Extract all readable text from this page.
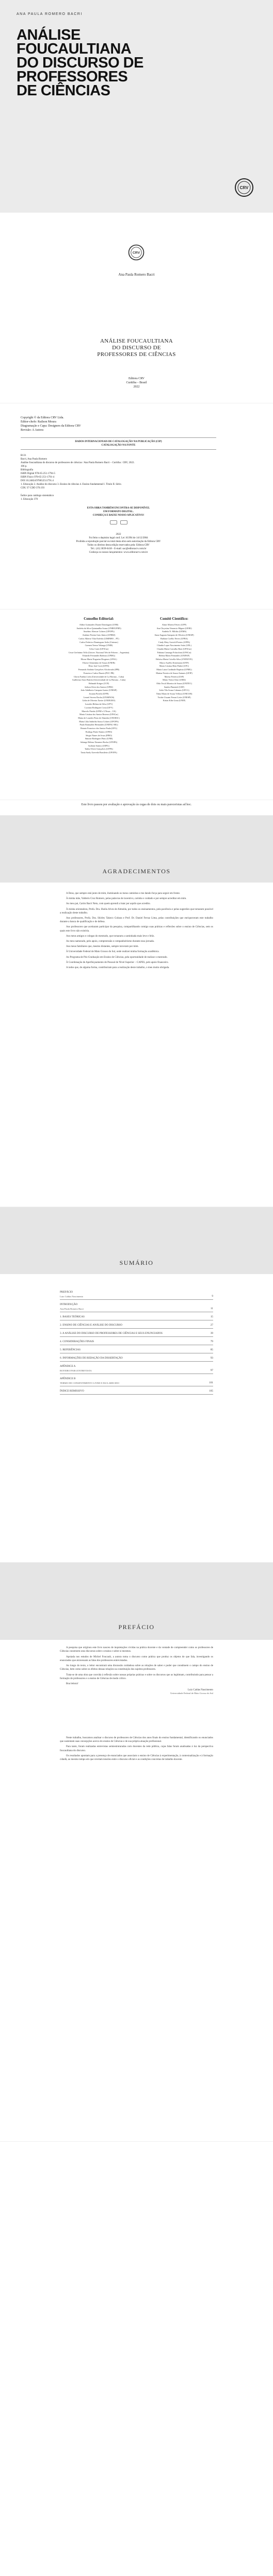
ANA PAULA ROMERO BACRI
ANÁLISE
FOUCAULTIANA
DO DISCURSO DE
PROFESSORES
DE CIÊNCIAS
CRV
CRV
Ana Paula Romero Bacri
ANÁLISE FOUCAULTIANA
DO DISCURSO DE
PROFESSORES DE CIÊNCIAS
Editora CRV
Curitiba – Brasil
2022
Copyright © da Editora CRV Ltda.
Editor-chefe: Railson Moura
Diagramação e Capa: Designers da Editora CRV
Revisão: A Autora
DADOS INTERNACIONAIS DE CATALOGAÇÃO NA PUBLICAÇÃO (CIP)
CATALOGAÇÃO NA FONTE
B131
Bacri, Ana Paula Romero
Análise foucaultiana do discurso de professores de ciências / Ana Paula Romero Bacri – Curitiba : CRV, 2022.
106 p.
Bibliografia
ISBN Digital 978-65-251-1794-5
ISBN Físico 978-65-251-1791-4
DOI 10.24824/978652511791.4
1. Educação 2. Análise do discurso 3. Ensino de ciências 4. Ensino fundamental I. Título II. Série.
CDU 37 CDD 370.193
Índice para catálogo sistemático
1. Educação 370
ESTA OBRA TAMBÉM ENCONTRA-SE DISPONÍVEL
EM FORMATO DIGITAL.
CONHEÇA E BAIXE NOSSO APLICATIVO!
2022
Foi feito o depósito legal conf. Lei 10.994 de 14/12/2004
Proibida a reprodução parcial ou total desta obra sem autorização da Editora CRV
Todos os direitos desta edição reservados pela: Editora CRV
Tel.: (41) 3039-6418 - E-mail: sac@editoracrv.com.br
Conheça os nossos lançamentos: www.editoracrv.com.br
Conselho Editorial:
Aldira Guimarães Duarte Domínguez (UNB)
Andréia da Silva Quintanilha Sousa (UNIR/UFRN)
Anselmo Alencar Colares (UFOPA)
Antônio Pereira Gaio Júnior (UFRRJ)
Carlos Alberto Vilar Estêvão (UMINHO – PT)
Carlos Federico Dominguez Avila (Unieuro)
Carmen Tereza Velanga (UNIR)
Celso Conti (UFSCar)
Cesar Gerônimo Tello (Univer. Nacional Três de Febrero – Argentina)
Eduardo Fernandes Barbosa (UFMG)
Elione Maria Nogueira Diogenes (UFAL)
Elizeu Clementino de Souza (UNEB)
Élsio José Corá (UFFS)
Fernando Antônio Gonçalves Alcoforado (IPB)
Francisco Carlos Duarte (PUC-PR)
Gloria Fariñas León (Universidade de La Havana – Cuba)
Guillermo Arias Beatón (Universidade de La Havana – Cuba)
Helmuth Krüger (UCP)
Jailson Alves dos Santos (UFRJ)
João Adalberto Campato Junior (UNESP)
Josania Portela (UFPI)
Leonel Severo Rocha (UNISINOS)
Lídia de Oliveira Xavier (UNIEURO)
Lourdes Helena da Silva (UFV)
Luciano Rodrigues Costa (UFV)
Marcelo Paixão (UFRJ e UTexas – US)
Maria Cristina dos Santos Bezerra (UFSCar)
Maria de Lourdes Pinto de Almeida (UNOESC)
Maria Lília Imbiriba Sousa Colares (UFOPA)
Paulo Romualdo Hernandes (UNIFAL-MG)
Renato Francisco dos Santos Paula (UFG)
Rodrigo Pratte-Santos (UFES)
Sérgio Nunes de Jesus (IFRO)
Simone Rodrigues Pinto (UNB)
Solange Helena Ximenes-Rocha (UFOPA)
Sydione Santos (UEPG)
Tadeu Oliver Gonçalves (UFPA)
Tania Suely Azevedo Brasileiro (UFOPA)
Comitê Científico:
Altair Alberto Fávero (UPF)
Ana Chrystina Venancio Mignot (UERJ)
Andréia N. Militão (UEMS)
Anna Augusta Sampaio de Oliveira (UNESP)
Barbara Coelho Neves (UFBA)
Cindy Mery Gavioli-Prestes (UFPA)
Cláudia Lopes Nascimento Saito (UEL)
Claudia Maria Carvalho Boni (UFSCar)
Fabiana Camargo Polacchini (UFSCar)
Helena Maria Fernandes (UNIFAP)
Heloísa Maria Crivella Silva (UNINOVE)
Marco Aurélio Kistemann (UFJF)
Maria Cristina Hein Pinhei (UFC)
Maria Luiza Cardinale Baptista (UFMG)
Marina Ferreira de Souza Antunes (UFJP)
Marisa Ferreira (USP)
Mário Vieira Ortiz (UERJ)
Olda Tesch Moreira de Souza (UNITEC)
Sandra Pimentel (USP)
Sofia Vila Sousa Cabanos (UFCG)
Tânia Maria de Sousa Vellosa (UNICOR)
Yoshie Ussami Ferrari Leite (UNESP)
Kirtan Kibe Lima (UNIP)
Este livro passou por avaliação e aprovação às cegas de dois ou mais pareceristas ad hoc.
AGRADECIMENTOS

A Deus, que sempre está junto de mim, iluminando os meus caminhos e me dando força para seguir em frente.

À minha mãe, Valderis Cruz Romero, pelas palavras de incentivo, carinho e cuidado e por sempre acreditar em mim.

Ao meu pai, Carim Bacri Neto, com quem aprendi a lutar por aquilo que acredito.

À minha orientadora, Profa. Dra. Sheila Alves de Almeida, por todos os ensinamentos, pela paciência e pelas sugestões que tornaram possível a realização deste trabalho.

Aos professores, Profa. Dra. Shirley Takeco Gobara e Prof. Dr. Daniel Ferraz Lima, pelas contribuições que enriqueceram este trabalho durante a banca de qualificação e de defesa.

Aos professores que aceitaram participar da pesquisa, compartilhando comigo suas práticas e reflexões sobre o ensino de Ciências, sem os quais este livro não existiria.

Aos meus amigos e colegas do mestrado, que tornaram a caminhada mais leve e feliz.

Ao meu namorado, pelo apoio, compreensão e companheirismo durante essa jornada.

Aos meus familiares que, mesmo distantes, sempre torceram por mim.

À Universidade Federal de Mato Grosso do Sul, onde realizei minha formação acadêmica.

Ao Programa de Pós-Graduação em Ensino de Ciências, pela oportunidade de realizar o mestrado.

À Coordenação de Aperfeiçoamento de Pessoal de Nível Superior – CAPES, pelo apoio financeiro.

A todos que, de alguma forma, contribuíram para a realização deste trabalho, o meu muito obrigada.

SUMÁRIO
PREFÁCIO
Luiz Caldas Nascimento	9
INTRODUÇÃO
Ana Paula Romero Bacri	11
1. BASES TEÓRICAS	15
2. ENSINO DE CIÊNCIAS E ANÁLISE DO DISCURSO	27
3. A ANÁLISE DO DISCURSO DE PROFESSORES DE CIÊNCIAS E SEUS ENUNCIADOS	39
4. CONSIDERAÇÕES FINAIS	79
5. REFERÊNCIAS	85
6. INFORMAÇÕES DE REDAÇÃO DA DISSERTAÇÃO	93
APÊNDICE A
ROTEIRO PARA ENTREVISTA	97
APÊNDICE B
TERMO DE CONSENTIMENTO LIVRE E ESCLARECIDO	101
ÍNDICE REMISSIVO	105
PREFÁCIO

A pesquisa que originou este livro nasceu de inquietações vividas na prática docente e da vontade de compreender como os professores de Ciências constroem seus discursos sobre o ensino e sobre si mesmos.

Apoiada nos estudos de Michel Foucault, a autora toma o discurso como prática que produz os objetos de que fala, investigando os enunciados que atravessam as falas dos professores entrevistados.

Ao longo do texto, o leitor encontrará uma discussão cuidadosa sobre as relações de saber e poder que constituem o campo do ensino de Ciências, bem como sobre os efeitos dessas relações na constituição dos sujeitos professores.

Trata-se de uma obra que convida à reflexão sobre nossas próprias práticas e sobre os discursos que as legitimam, contribuindo para pensar a formação de professores e o ensino de Ciências de modo crítico.

Boa leitura!

Luiz Caldas Nascimento
Universidade Federal de Mato Grosso do Sul

Neste trabalho, buscamos analisar o discurso de professores de Ciências dos anos finais do ensino fundamental, identificando os enunciados que sustentam suas concepções acerca do ensino de Ciências e de sua própria atuação profissional.

Para tanto, foram realizadas entrevistas semiestruturadas com docentes da rede pública, cujas falas foram analisadas à luz da perspectiva foucaultiana do discurso.

Os resultados apontam para a presença de enunciados que associam o ensino de Ciências à experimentação, à contextualização e à formação cidadã, ao mesmo tempo em que revelam tensões entre o discurso oficial e as condições concretas de trabalho docente.
